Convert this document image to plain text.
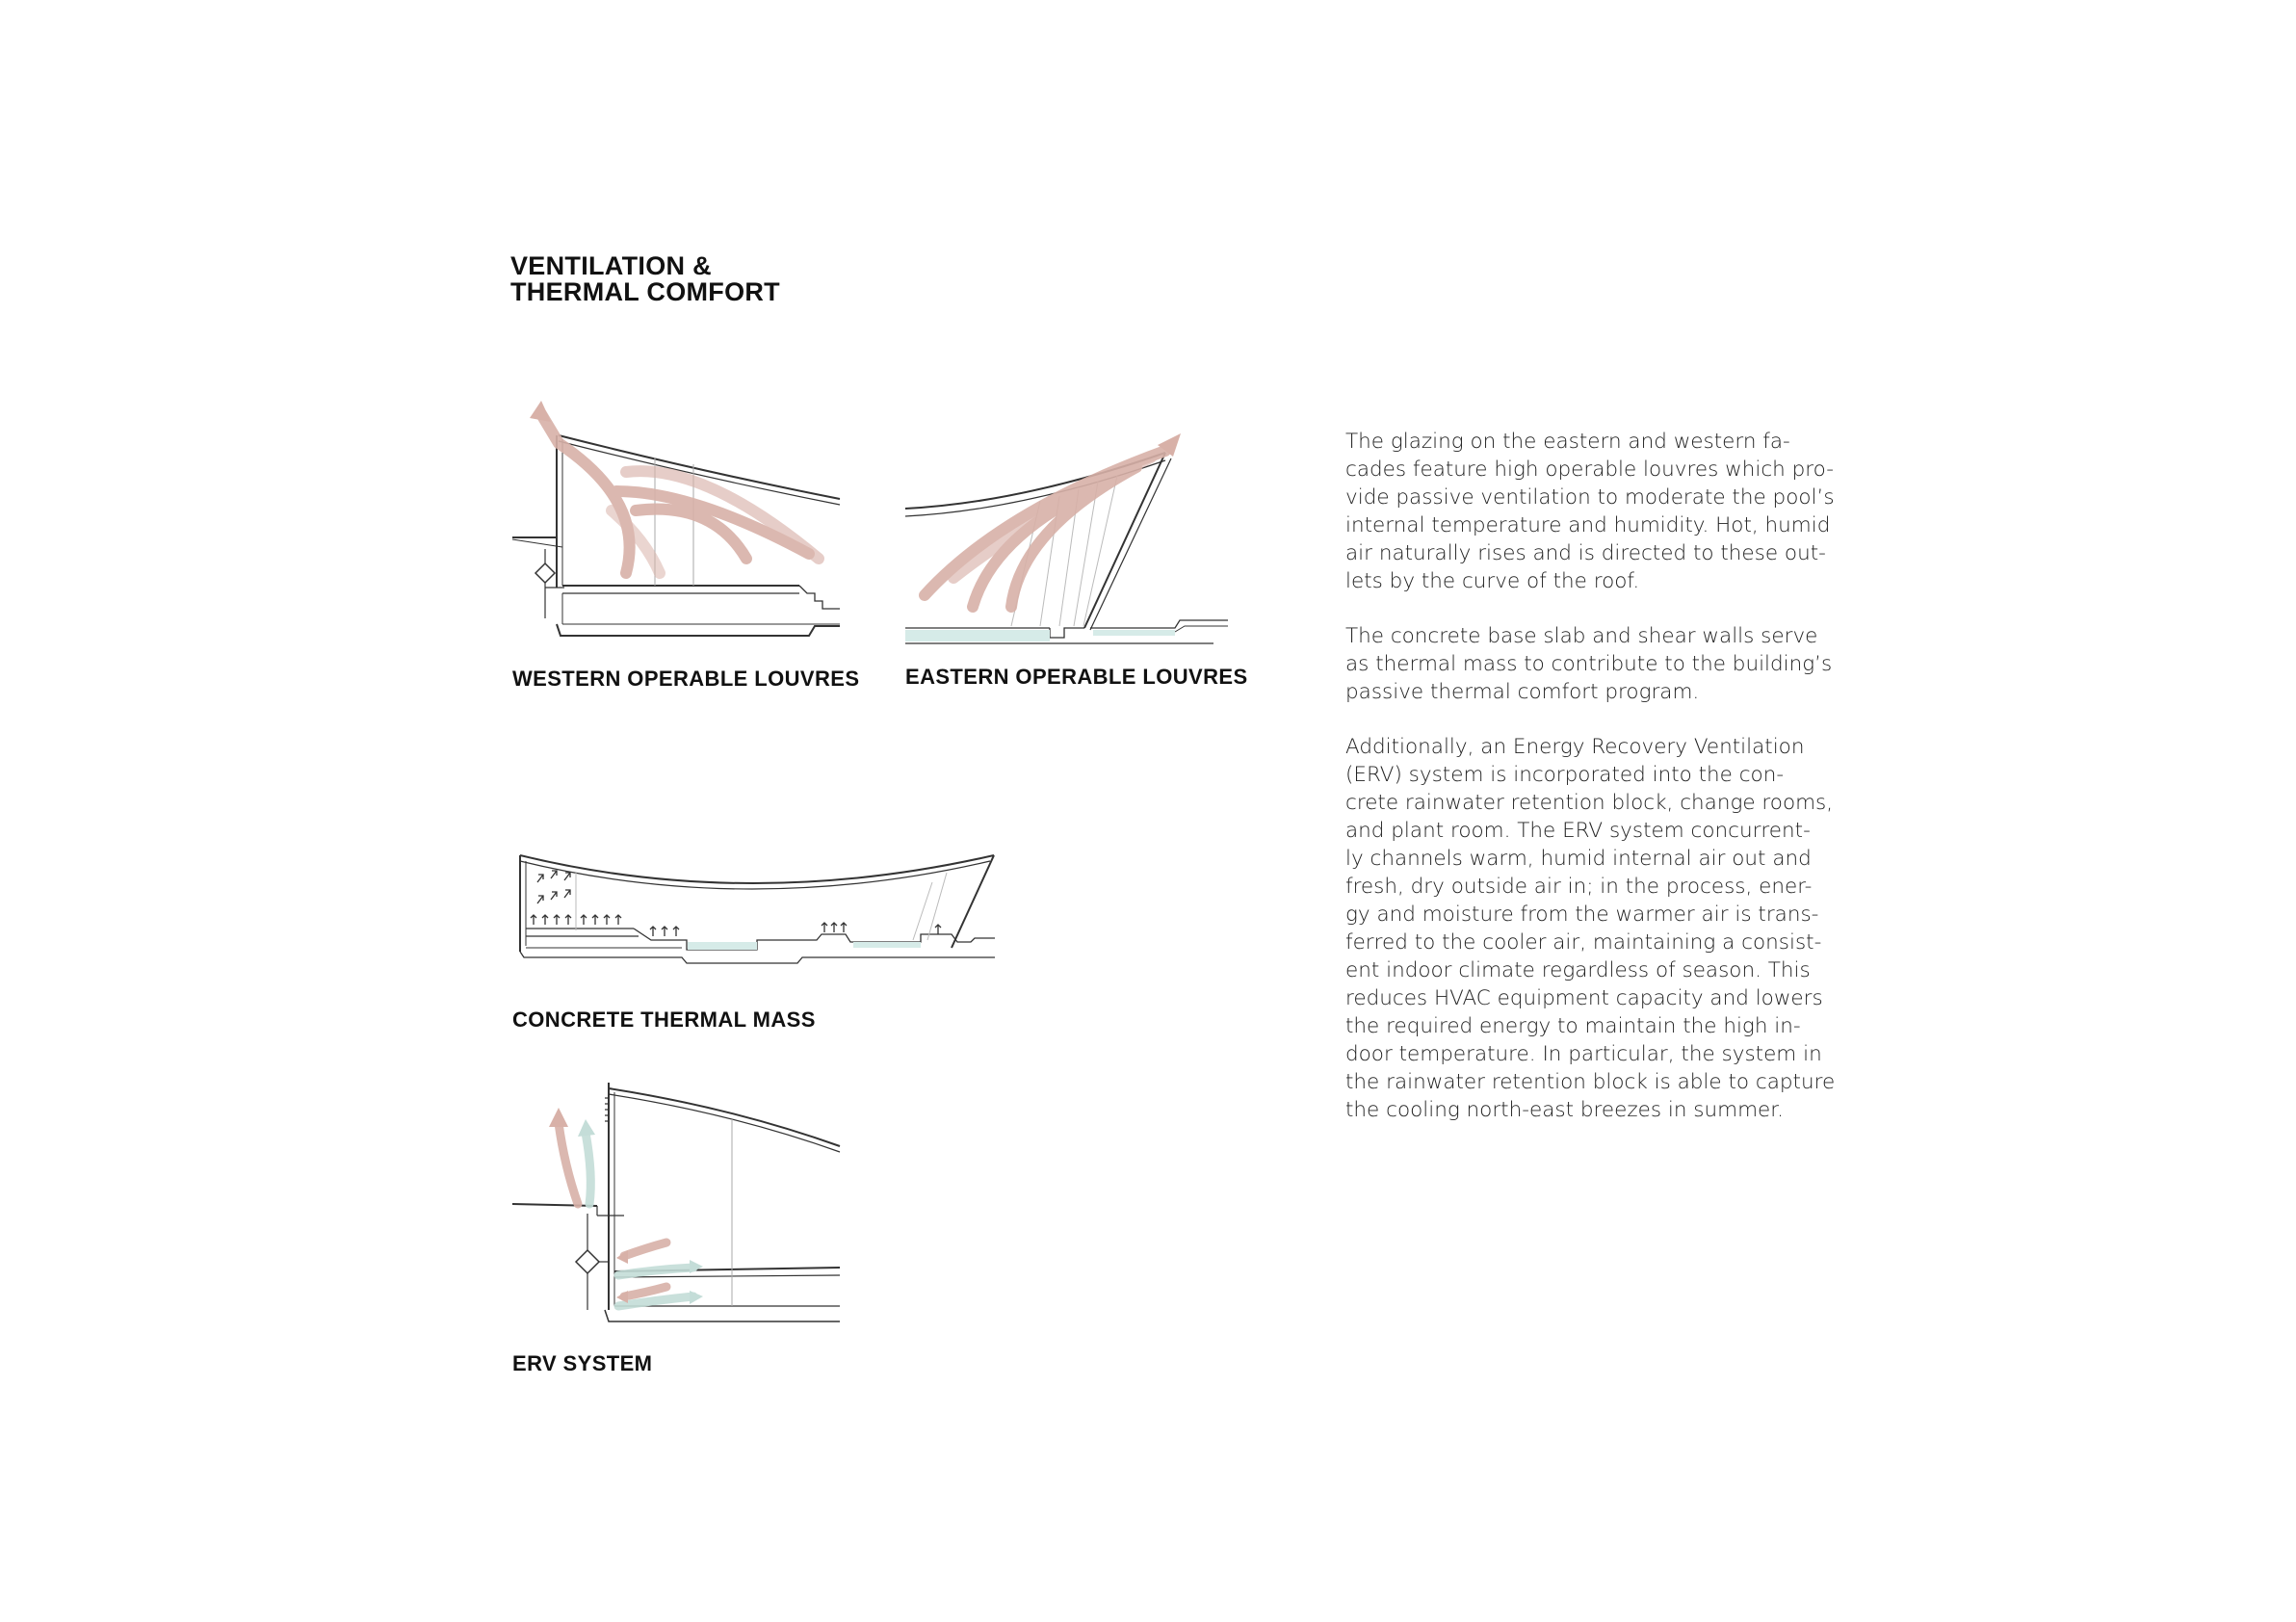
VENTILATION &
THERMAL COMFORT
WESTERN OPERABLE LOUVRES EASTERN OPERABLE LOUVRES
CONCRETE THERMAL MASS
ERV SYSTEM

The glazing on the eastern and western fa-
cades feature high operable louvres which pro-
vide passive ventilation to moderate the pool’s
internal temperature and humidity. Hot, humid
air naturally rises and is directed to these out-
lets by the curve of the roof.

The concrete base slab and shear walls serve
as thermal mass to contribute to the building’s
passive thermal comfort program.

Additionally, an Energy Recovery Ventilation
(ERV) system is incorporated into the con-
crete rainwater retention block, change rooms,
and plant room. The ERV system concurrent-
ly channels warm, humid internal air out and
fresh, dry outside air in; in the process, ener-
gy and moisture from the warmer air is trans-
ferred to the cooler air, maintaining a consist-
ent indoor climate regardless of season. This
reduces HVAC equipment capacity and lowers
the required energy to maintain the high in-
door temperature. In particular, the system in
the rainwater retention block is able to capture
the cooling north-east breezes in summer.
